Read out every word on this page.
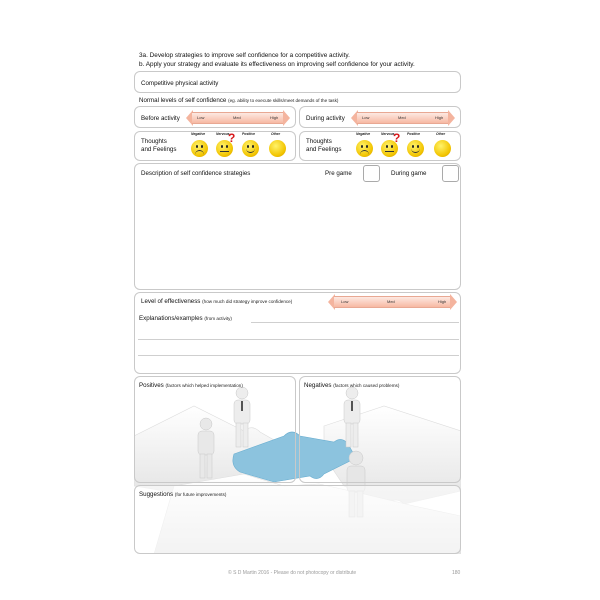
3a. Develop strategies to improve self confidence for a competitive activity.
b. Apply your strategy and evaluate its effectiveness on improving self confidence for your activity.
Competitive physical activity
Normal levels of self confidence (eg. ability to execute skills/meet demands of the task)
Before activity	Low	Med	High	During activity	Low	Med	High
Thoughts
and Feelings
Negative	Nervous
? Positive	Other
Thoughts
and Feelings
Negative	Nervous
? Positive	Other
Description of self confidence strategies	Pre game	During game
Level of effectiveness (how much did strategy improve confidence)	Low	Med	High
Explanations/examples (from activity)
Positives (factors which helped implementation)	Negatives (factors which caused problems)
Suggestions (for future improvements)
© S D Martin 2016 - Please do not photocopy or distribute	180
